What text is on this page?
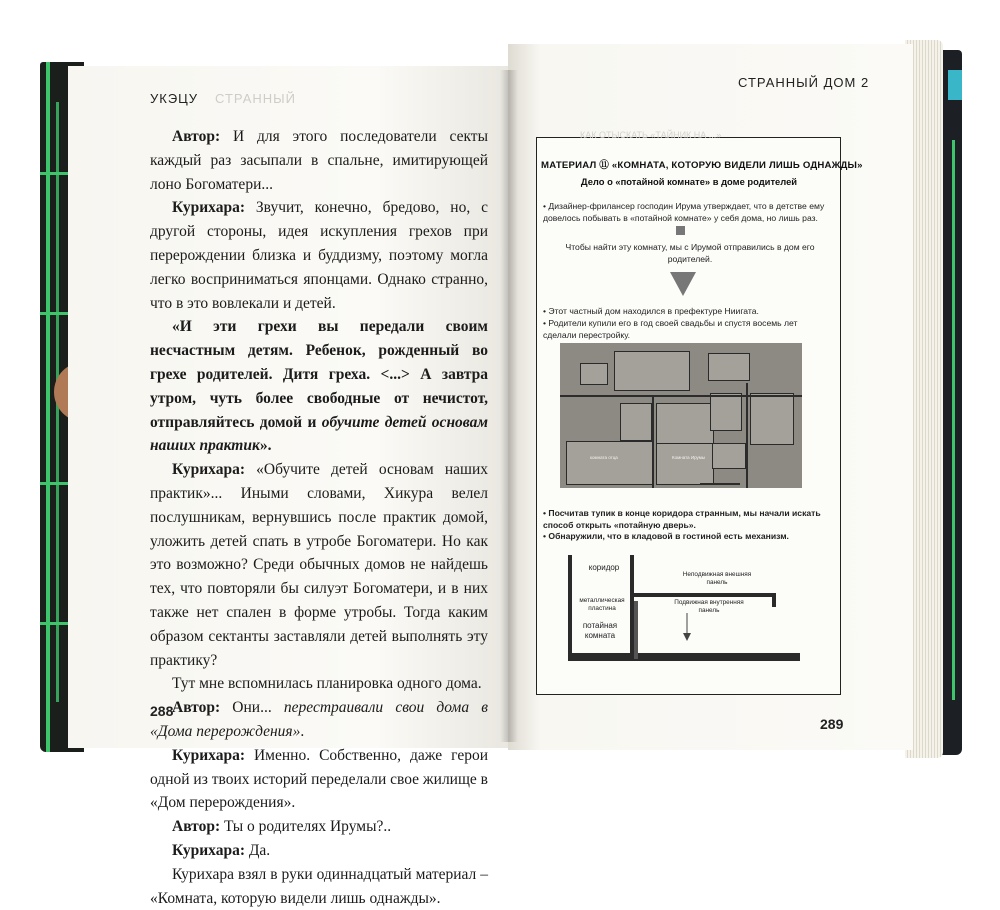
УКЭЦУ СТРАННЫЙ

Автор: И для этого последователи секты каждый раз засыпали в спальне, имитирующей лоно Богоматери...

Курихара: Звучит, конечно, бредово, но, с другой стороны, идея искупления грехов при перерождении близка и буддизму, поэтому могла легко восприниматься японцами. Однако странно, что в это вовлекали и детей.

«И эти грехи вы передали своим несчастным детям. Ребенок, рожденный во грехе родителей. Дитя греха. <...> А завтра утром, чуть более свободные от нечистот, отправляйтесь домой и обучите детей основам наших практик».

Курихара: «Обучите детей основам наших практик»... Иными словами, Хикура велел послушникам, вернувшись после практик домой, уложить детей спать в утробе Богоматери. Но как это возможно? Среди обычных домов не найдешь тех, что повторяли бы силуэт Богоматери, и в них также нет спален в форме утробы. Тогда каким образом сектанты заставляли детей выполнять эту практику?

Тут мне вспомнилась планировка одного дома.

Автор: Они... перестраивали свои дома в «Дома перерождения».

Курихара: Именно. Собственно, даже герои одной из твоих историй переделали свое жилище в «Дом перерождения».

Автор: Ты о родителях Ирумы?..

Курихара: Да.

Курихара взял в руки одиннадцатый материал – «Комната, которую видели лишь однажды».

288
СТРАННЫЙ ДОМ 2
КАК ОТЫСКАТЬ «ТАЙНИК НА ...»
МАТЕРИАЛ ⑪ «КОМНАТА, КОТОРУЮ ВИДЕЛИ ЛИШЬ ОДНАЖДЫ»
Дело о «потайной комнате» в доме родителей
• Дизайнер-фрилансер господин Ирума утверждает, что в детстве ему довелось побывать в «потайной комнате» у себя дома, но лишь раз.
Чтобы найти эту комнату, мы с Ирумой отправились в дом его родителей.
• Этот частный дом находился в префектуре Ниигата.
• Родители купили его в год своей свадьбы и спустя восемь лет сделали перестройку.
Комната Ирумы
комната отца
• Посчитав тупик в конце коридора странным, мы начали искать способ открыть «потайную дверь».
• Обнаружили, что в кладовой в гостиной есть механизм.
коридор
Неподвижная внешняя панель
металлическая пластина
Подвижная внутренняя панель
потайная комната
289
